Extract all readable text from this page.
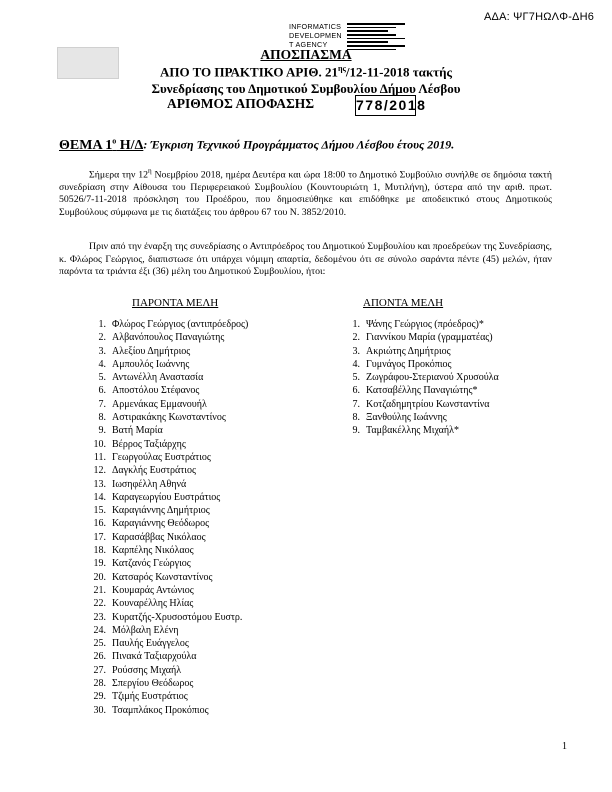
ΑΔΑ: ΨΓ7ΗΩΛΦ-ΔΗ6
INFORMATICS
DEVELOPMEN
T AGENCY
ΑΠΟΣΠΑΣΜΑ
ΑΠΟ ΤΟ ΠΡΑΚΤΙΚΟ ΑΡΙΘ. $21^{\eta\varsigma}/12-11-2018$ τακτής
Συνεδρίασης του Δημοτικού Συμβουλίου Δήμου Λέσβου
ΑΡΙΘΜΟΣ ΑΠΟΦΑΣΗΣ	778/2018
ΘΕΜΑ $1^o$ Η/Δ: Έγκριση Τεχνικού Προγράμματος Δήμου Λέσβου έτους 2019.
Σήμερα την $12^\eta$ Νοεμβρίου 2018, ημέρα Δευτέρα και ώρα 18:00 το Δημοτικό Συμβούλιο συνήλθε σε δημόσια τακτή συνεδρίαση στην Αίθουσα του Περιφερειακού Συμβουλίου (Κουντουριώτη 1, Μυτιλήνη), ύστερα από την αριθ. πρωτ. 50526/7-11-2018 πρόσκληση του Προέδρου, που δημοσιεύθηκε και επιδόθηκε με αποδεικτικό στους Δημοτικούς Συμβούλους σύμφωνα με τις διατάξεις του άρθρου 67 του Ν. 3852/2010.
Πριν από την έναρξη της συνεδρίασης ο Αντιπρόεδρος του Δημοτικού Συμβουλίου και προεδρεύων της Συνεδρίασης, κ. Φλώρος Γεώργιος, διαπιστωσε ότι υπάρχει νόμιμη απαρτία, δεδομένου ότι σε σύνολο σαράντα πέντε (45) μελών, ήταν παρόντα τα τριάντα έξι (36) μέλη του Δημοτικού Συμβουλίου, ήτοι:
ΠΑΡΟΝΤΑ ΜΕΛΗ	ΑΠΟΝΤΑ ΜΕΛΗ
1. Φλώρος Γεώργιος (αντιπρόεδρος)
2. Αλβανόπουλος Παναγιώτης
3. Αλεξίου Δημήτριος
4. Αμπουλός Ιωάννης
5. Αντωνέλλη Αναστασία
6. Αποστόλου Στέφανος
7. Αρμενάκας Εμμανουήλ
8. Αστιρακάκης Κωνσταντίνος
9. Βατή Μαρία
10. Βέρρος Ταξιάρχης
11. Γεωργούλας Ευστράτιος
12. Δαγκλής Ευστράτιος
13. Ιωσηφέλλη Αθηνά
14. Καραγεωργίου Ευστράτιος
15. Καραγιάννης Δημήτριος
16. Καραγιάννης Θεόδωρος
17. Καρασάββας Νικόλαος
18. Καρπέλης Νικόλαος
19. Κατζανός Γεώργιος
20. Κατσαρός Κωνσταντίνος
21. Κουμαράς Αντώνιος
22. Κουναρέλλης Ηλίας
23. Κυρατζής-Χρυσοστόμου Ευστρ.
24. Μόλβαλη Ελένη
25. Παυλής Ευάγγελος
26. Πινακά Ταξιαρχούλα
27. Ρούσσης Μιχαήλ
28. Σπεργίου Θεόδωρος
29. Τζιμής Ευστράτιος
30. Τσαμπλάκος Προκόπιος
1. Ψάνης Γεώργιος (πρόεδρος)*
2. Γιαννίκου Μαρία (γραμματέας)
3. Ακριώτης Δημήτριος
4. Γυμνάγος Προκόπιος
5. Ζωγράφου-Στεριανού Χρυσούλα
6. Κατσαβέλλης Παναγιώτης*
7. Κοτζαδημητρίου Κωνσταντίνα
8. Ξανθούλης Ιωάννης
9. Ταμβακέλλης Μιχαήλ*
1
